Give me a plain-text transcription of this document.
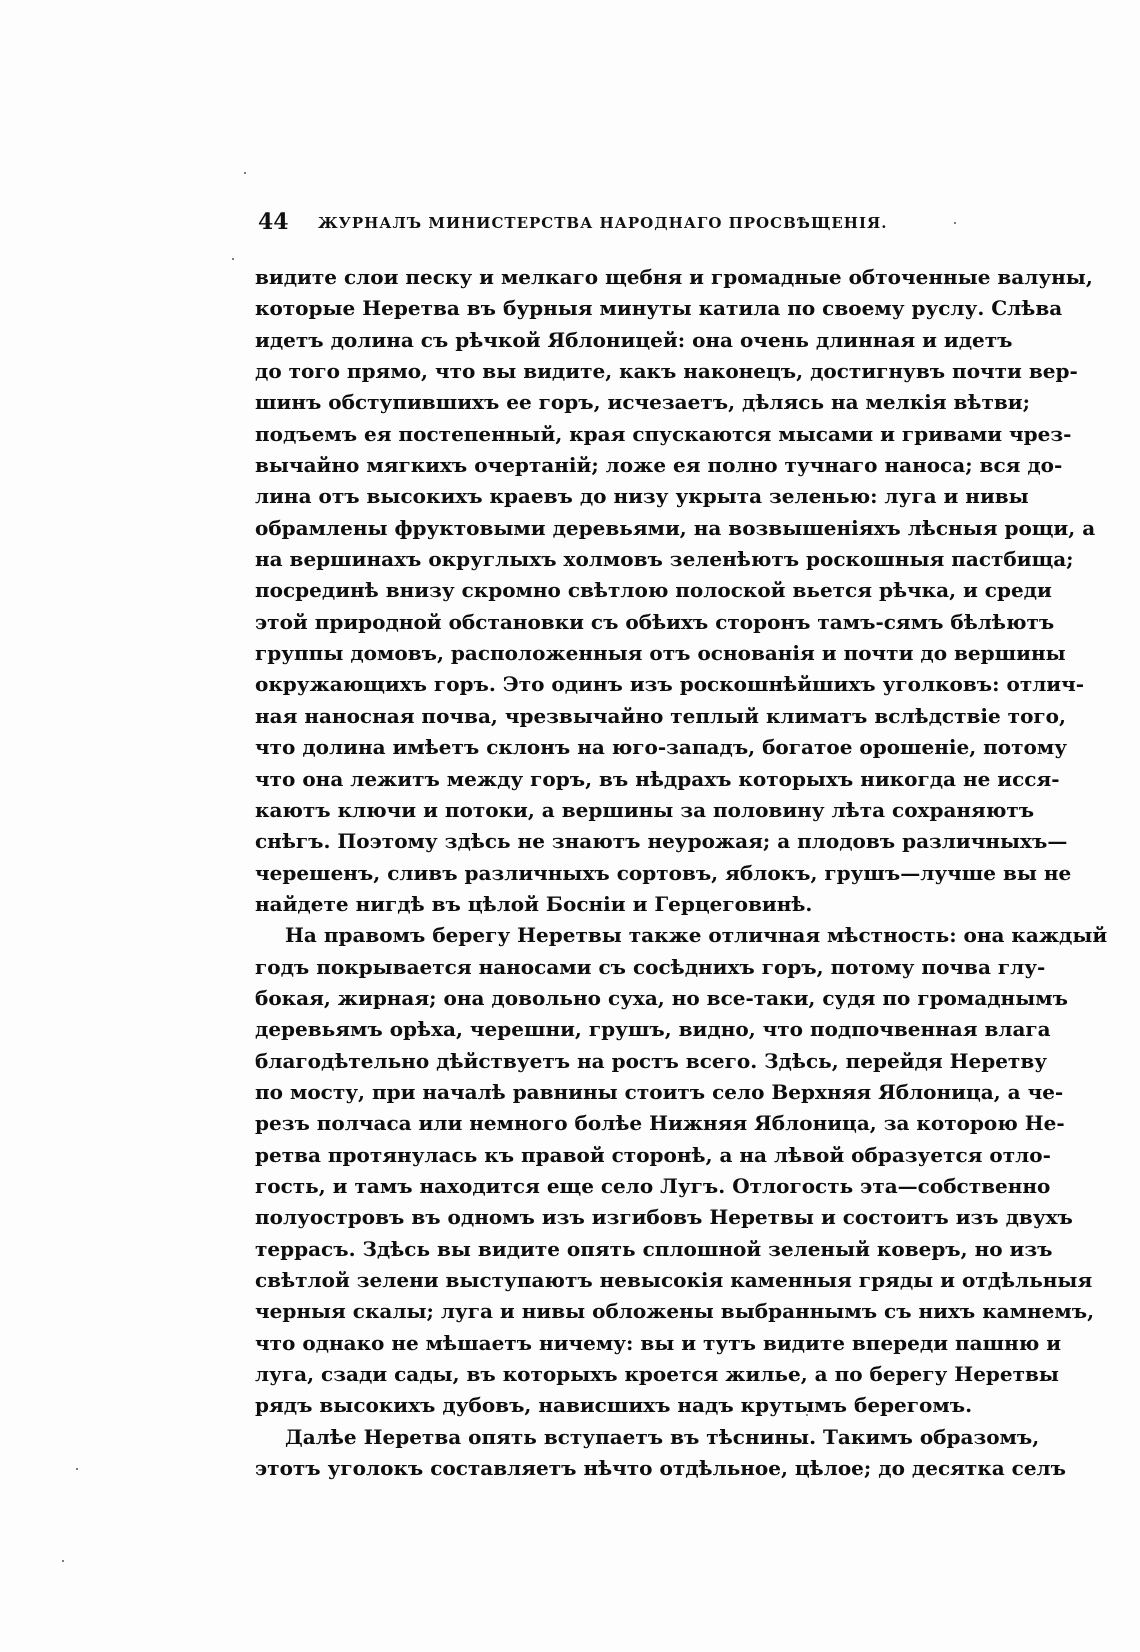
44 ЖУРНАЛЪ МИНИСТЕРСТВА НАРОДНАГО ПРОСВѢЩЕНІЯ.
видите слои песку и мелкаго щебня и громадные обточенные валуны,
которые Неретва въ бурныя минуты катила по своему руслу. Слѣва
идетъ долина съ рѣчкой Яблоницей: она очень длинная и идетъ
до того прямо, что вы видите, какъ наконецъ, достигнувъ почти вер-
шинъ обступившихъ ее горъ, исчезаетъ, дѣлясь на мелкія вѣтви;
подъемъ ея постепенный, края спускаются мысами и гривами чрез-
вычайно мягкихъ очертаній; ложе ея полно тучнаго наноса; вся до-
лина отъ высокихъ краевъ до низу укрыта зеленью: луга и нивы
обрамлены фруктовыми деревьями, на возвышеніяхъ лѣсныя рощи, а
на вершинахъ округлыхъ холмовъ зеленѣютъ роскошныя пастбища;
посрединѣ внизу скромно свѣтлою полоской вьется рѣчка, и среди
этой природной обстановки съ обѣихъ сторонъ тамъ-сямъ бѣлѣютъ
группы домовъ, расположенныя отъ основанія и почти до вершины
окружающихъ горъ. Это одинъ изъ роскошнѣйшихъ уголковъ: отлич-
ная наносная почва, чрезвычайно теплый климатъ вслѣдствіе того,
что долина имѣетъ склонъ на юго-западъ, богатое орошеніе, потому
что она лежитъ между горъ, въ нѣдрахъ которыхъ никогда не исся-
каютъ ключи и потоки, а вершины за половину лѣта сохраняютъ
снѣгъ. Поэтому здѣсь не знаютъ неурожая; а плодовъ различныхъ—
черешенъ, сливъ различныхъ сортовъ, яблокъ, грушъ—лучше вы не
найдете нигдѣ въ цѣлой Босніи и Герцеговинѣ.
На правомъ берегу Неретвы также отличная мѣстность: она каждый
годъ покрывается наносами съ сосѣднихъ горъ, потому почва глу-
бокая, жирная; она довольно суха, но все-таки, судя по громаднымъ
деревьямъ орѣха, черешни, грушъ, видно, что подпочвенная влага
благодѣтельно дѣйствуетъ на ростъ всего. Здѣсь, перейдя Неретву
по мосту, при началѣ равнины стоитъ село Верхняя Яблоница, а че-
резъ полчаса или немного болѣе Нижняя Яблоница, за которою Не-
ретва протянулась къ правой сторонѣ, а на лѣвой образуется отло-
гость, и тамъ находится еще село Лугъ. Отлогость эта—собственно
полуостровъ въ одномъ изъ изгибовъ Неретвы и состоитъ изъ двухъ
террасъ. Здѣсь вы видите опять сплошной зеленый коверъ, но изъ
свѣтлой зелени выступаютъ невысокія каменныя гряды и отдѣльныя
черныя скалы; луга и нивы обложены выбраннымъ съ нихъ камнемъ,
что однако не мѣшаетъ ничему: вы и тутъ видите впереди пашню и
луга, сзади сады, въ которыхъ кроется жилье, а по берегу Неретвы
рядъ высокихъ дубовъ, нависшихъ надъ крутымъ берегомъ.
Далѣе Неретва опять вступаетъ въ тѣснины. Такимъ образомъ,
этотъ уголокъ составляетъ нѣчто отдѣльное, цѣлое; до десятка селъ
